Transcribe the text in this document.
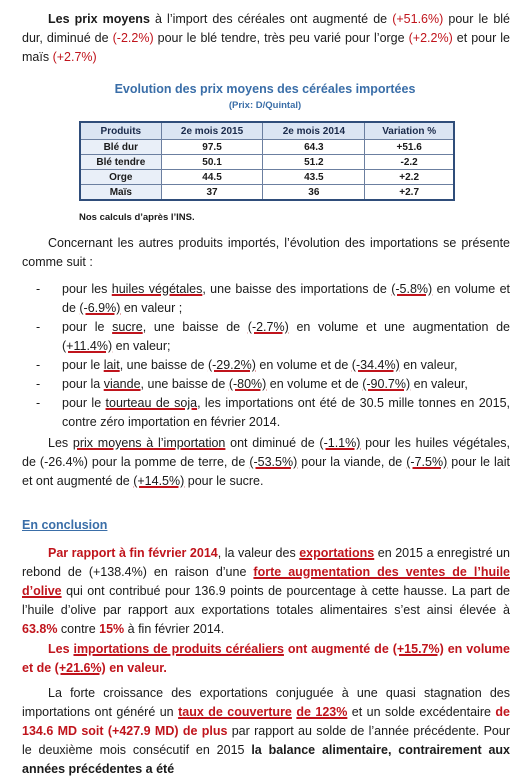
Les prix moyens à l’import des céréales ont augmenté de (+51.6%) pour le blé dur, diminué de (-2.2%) pour le blé tendre, très peu varié pour l’orge (+2.2%) et pour le maïs (+2.7%)

Evolution des prix moyens des céréales importées
(Prix: D/Quintal)
Produits	2e mois 2015	2e mois 2014	Variation %
Blé dur	97.5	64.3	+51.6
Blé tendre	50.1	51.2	-2.2
Orge	44.5	43.5	+2.2
Maïs	37	36	+2.7
Nos calculs d’après l’INS.

Concernant les autres produits importés, l’évolution des importations se présente comme suit :

- pour les huiles végétales, une baisse des importations de (-5.8%) en volume et de (-6.9%) en valeur ;
- pour le sucre, une baisse de (-2.7%) en volume et une augmentation de (+11.4%) en valeur;
- pour le lait, une baisse de (-29.2%) en volume et de (-34.4%) en valeur,
- pour la viande, une baisse de (-80%) en volume et de (-90.7%) en valeur,
- pour le tourteau de soja, les importations ont été de 30.5 mille tonnes en 2015, contre zéro importation en février 2014.

Les prix moyens à l’importation ont diminué de (-1.1%) pour les huiles végétales, de (-26.4%) pour la pomme de terre, de (-53.5%) pour la viande, de (-7.5%) pour le lait et ont augmenté de (+14.5%) pour le sucre.

En conclusion

Par rapport à fin février 2014, la valeur des exportations en 2015 a enregistré un rebond de (+138.4%) en raison d’une forte augmentation des ventes de l’huile d’olive qui ont contribué pour 136.9 points de pourcentage à cette hausse. La part de l’huile d’olive par rapport aux exportations totales alimentaires s’est ainsi élevée à 63.8% contre 15% à fin février 2014.

Les importations de produits céréaliers ont augmenté de (+15.7%) en volume et de (+21.6%) en valeur.

La forte croissance des exportations conjuguée à une quasi stagnation des importations ont généré un taux de couverture de 123% et un solde excédentaire de 134.6 MD soit (+427.9 MD) de plus par rapport au solde de l’année précédente. Pour le deuxième mois consécutif en 2015 la balance alimentaire, contrairement aux années précédentes a été
